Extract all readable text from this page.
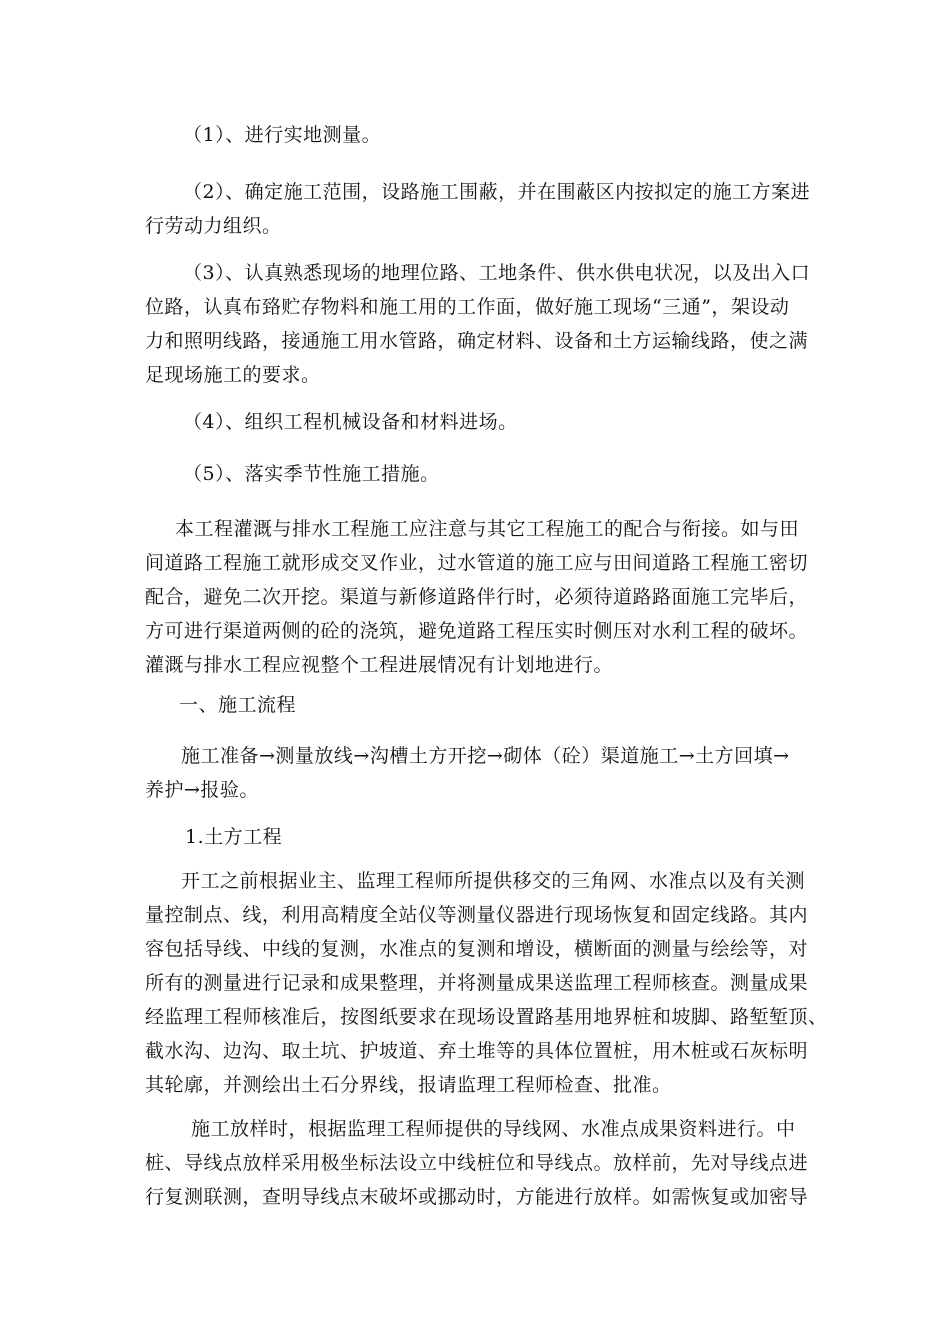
（1）、进行实地测量。

（2）、确定施工范围，设路施工围蔽，并在围蔽区内按拟定的施工方案进
行劳动力组织。

（3）、认真熟悉现场的地理位路、工地条件、供水供电状况，以及出入口
位路，认真布臵贮存物料和施工用的工作面，做好施工现场“三通”，架设动
力和照明线路，接通施工用水管路，确定材料、设备和土方运输线路，使之满
足现场施工的要求。

（4）、组织工程机械设备和材料进场。

（5）、落实季节性施工措施。

本工程灌溉与排水工程施工应注意与其它工程施工的配合与衔接。如与田
间道路工程施工就形成交叉作业，过水管道的施工应与田间道路工程施工密切
配合，避免二次开挖。渠道与新修道路伴行时，必须待道路路面施工完毕后，
方可进行渠道两侧的砼的浇筑，避免道路工程压实时侧压对水利工程的破坏。
灌溉与排水工程应视整个工程进展情况有计划地进行。

一、施工流程

施工准备→测量放线→沟槽土方开挖→砌体（砼）渠道施工→土方回填→
养护→报验。

1.土方工程

开工之前根据业主、监理工程师所提供移交的三角网、水准点以及有关测
量控制点、线，利用高精度全站仪等测量仪器进行现场恢复和固定线路。其内
容包括导线、中线的复测，水准点的复测和增设，横断面的测量与绘绘等，对
所有的测量进行记录和成果整理，并将测量成果送监理工程师核查。测量成果
经监理工程师核准后，按图纸要求在现场设置路基用地界桩和坡脚、路堑堑顶、
截水沟、边沟、取土坑、护坡道、弃土堆等的具体位置桩，用木桩或石灰标明
其轮廓，并测绘出土石分界线，报请监理工程师检查、批准。

施工放样时，根据监理工程师提供的导线网、水准点成果资料进行。中
桩、导线点放样采用极坐标法设立中线桩位和导线点。放样前，先对导线点进
行复测联测，查明导线点末破坏或挪动时，方能进行放样。如需恢复或加密导
